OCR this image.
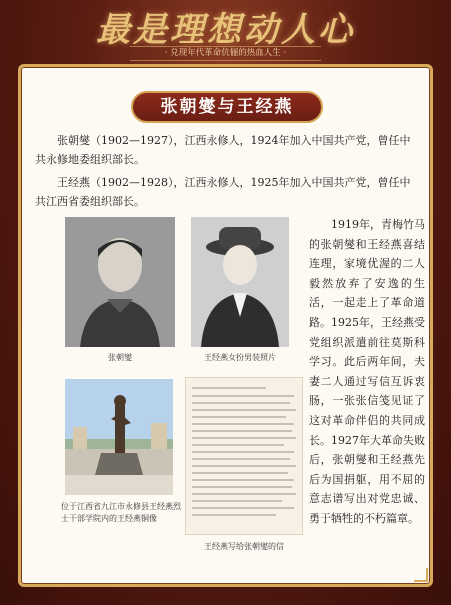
最是理想动人心
· 兑现年代革命伉俪的热血人生 ·
张朝燮与王经燕
张朝燮（1902—1927），江西永修人，1924年加入中国共产党，曾任中共永修地委组织部长。
王经燕（1902—1928），江西永修人，1925年加入中国共产党，曾任中共江西省委组织部长。
张朝燮	王经燕女扮男装照片
位于江西省九江市永修县王经燕烈士干部学院内的王经燕铜像
王经燕写给张朝燮的信
1919年，青梅竹马的张朝燮和王经燕喜结连理，家境优渥的二人毅然放弃了安逸的生活，一起走上了革命道路。1925年，王经燕受党组织派遣前往莫斯科学习。此后两年间，夫妻二人通过写信互诉衷肠，一张张信笺见证了这对革命伴侣的共同成长。1927年大革命失败后，张朝燮和王经燕先后为国捐躯，用不屈的意志谱写出对党忠诚、勇于牺牲的不朽篇章。
